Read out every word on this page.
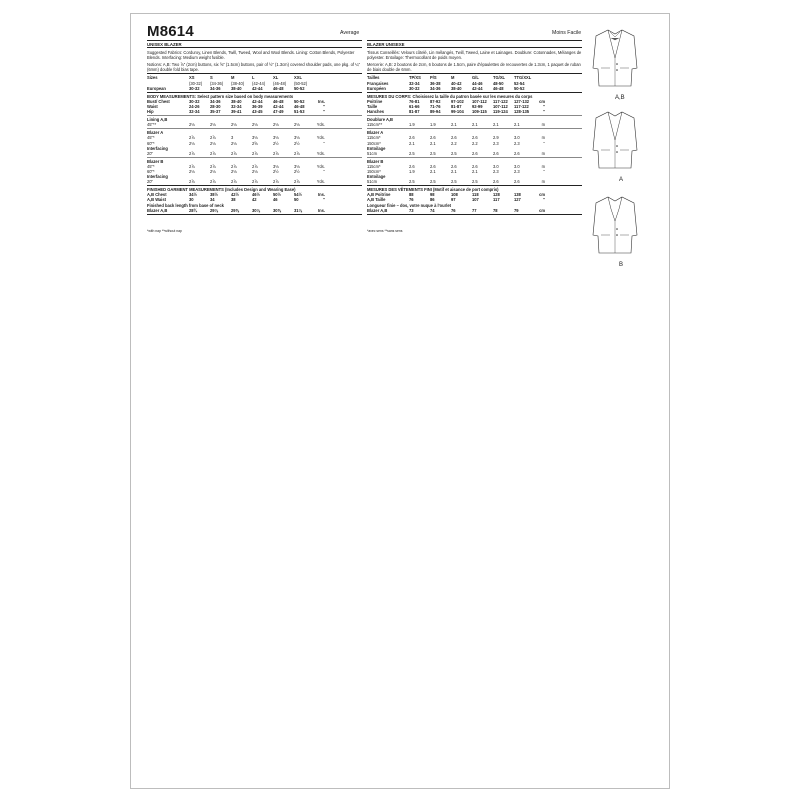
M8614	Average	Moins Facile
UNISEX BLAZER
Suggested Fabrics: Corduroy, Linen Blends, Twill, Tweed, Wool and Wool Blends. Lining: Cotton Blends, Polyester Blends. Interfacing: Medium weight fusible.
Notions: A,B: Two ⅞" (2cm) buttons, six ⅝" (1.5cm) buttons, pair of ½" (1.3cm) covered shoulder pads, one pkg. of ¼" (6mm) double fold bias tape.
Sizes	XS	S	M	L	XL	XXL
(30-32)	(34-36)	(38-40)	(42-44)	(46-48)	(50-52)
European	30-32	34-36	38-40	42-44	46-48	50-52
BODY MEASUREMENTS: Select pattern size based on body measurements
Bust/ Chest	30-32	34-36	38-40	42-44	46-48	50-52	Ins.
Waist	24-26	28-30	32-34	36-39	42-44	46-48	"
Hip	32-34	35-37	39-41	43-45	47-49	51-53	"
Lining A,B
45"**	2⅛	2⅛	2⅛	2⅛	2⅛	2⅛	Yds.
Blazer A
45"*	2⅞	2⅞	3	3⅛	3⅛	3⅛	Yds.
60"*	2⅛	2⅛	2⅛	2⅝	2½	2½	"
Interfacing
20"	2⅞	2⅞	2⅞	2⅞	2⅞	2⅞	Yds.
Blazer B
45"*	2⅞	2⅞	2⅞	2⅞	3⅛	3⅛	Yds.
60"*	2⅛	2⅛	2⅛	2⅛	2½	2½	"
Interfacing
20"	2⅞	2⅞	2⅞	2⅞	2⅞	2⅞	Yds.
FINISHED GARMENT MEASUREMENTS (Includes Design and Wearing Ease)
A,B Chest	34½	38½	42½	46½	50½	54½	Ins.
A,B Waist	30	34	38	42	46	50	"
Finished back length from base of neck
Blazer A,B	28¾	29⅛	29⅝	30⅛	30⅝	31⅛	Ins.
*with nap **without nap
BLAZER UNISEXE
Tissus Conseillés: Velours côtelé, Lin mélangés, Twill, Tweed, Laine et Lainages. Doublure: Cotonnades, Mélanges de polyester. Entoilage: Thermocollant de poids moyen.
Mercerie: A,B: 2 boutons de 2cm, 6 boutons de 1.5cm, paire d'épaulettes de recouvertes de 1.3cm, 1 paquet de ruban de biais double de 6mm.
Tailles	TP/XS	P/S	M	G/L	TG/XL	TTG/XXL
Françaises	32-34	36-38	40-42	44-46	48-50	52-54
Européen	30-32	34-36	38-40	42-44	46-48	50-52
MESURES DU CORPS: Choisissez la taille du patron basée sur les mesures du corps
Poitrine	76-81	87-92	97-102	107-112	117-122	127-132	cm
Taille	61-66	71-76	81-87	92-99	107-112	117-122	"
Hanches	81-87	89-94	99-104	109-115	119-124	128-135	"
Doublure A,B
115cm**	1.9	1.9	2.1	2.1	2.1	2.1	m
Blazer A
115cm*	2.6	2.6	2.6	2.6	2.9	3.0	m
150cm*	2.1	2.1	2.2	2.2	2.3	2.3	"
Entoilage
51cm	2.5	2.5	2.5	2.6	2.6	2.6	m
Blazer B
115cm*	2.6	2.6	2.6	2.6	3.0	3.0	m
150cm*	1.9	2.1	2.1	2.1	2.3	2.3	"
Entoilage
51cm	2.5	2.5	2.5	2.5	2.6	2.6	m
MESURES DES VÊTEMENTS FINI (Motif et aisance de port compris)
A,B Poitrine	88	98	108	118	128	138	cm
A,B Taille	76	86	97	107	117	127	"
Longueur finie – dos, votre nuque à l'ourlet
Blazer A,B	73	74	76	77	78	79	cm
*avec sens **sans sens
A,B
A
B
